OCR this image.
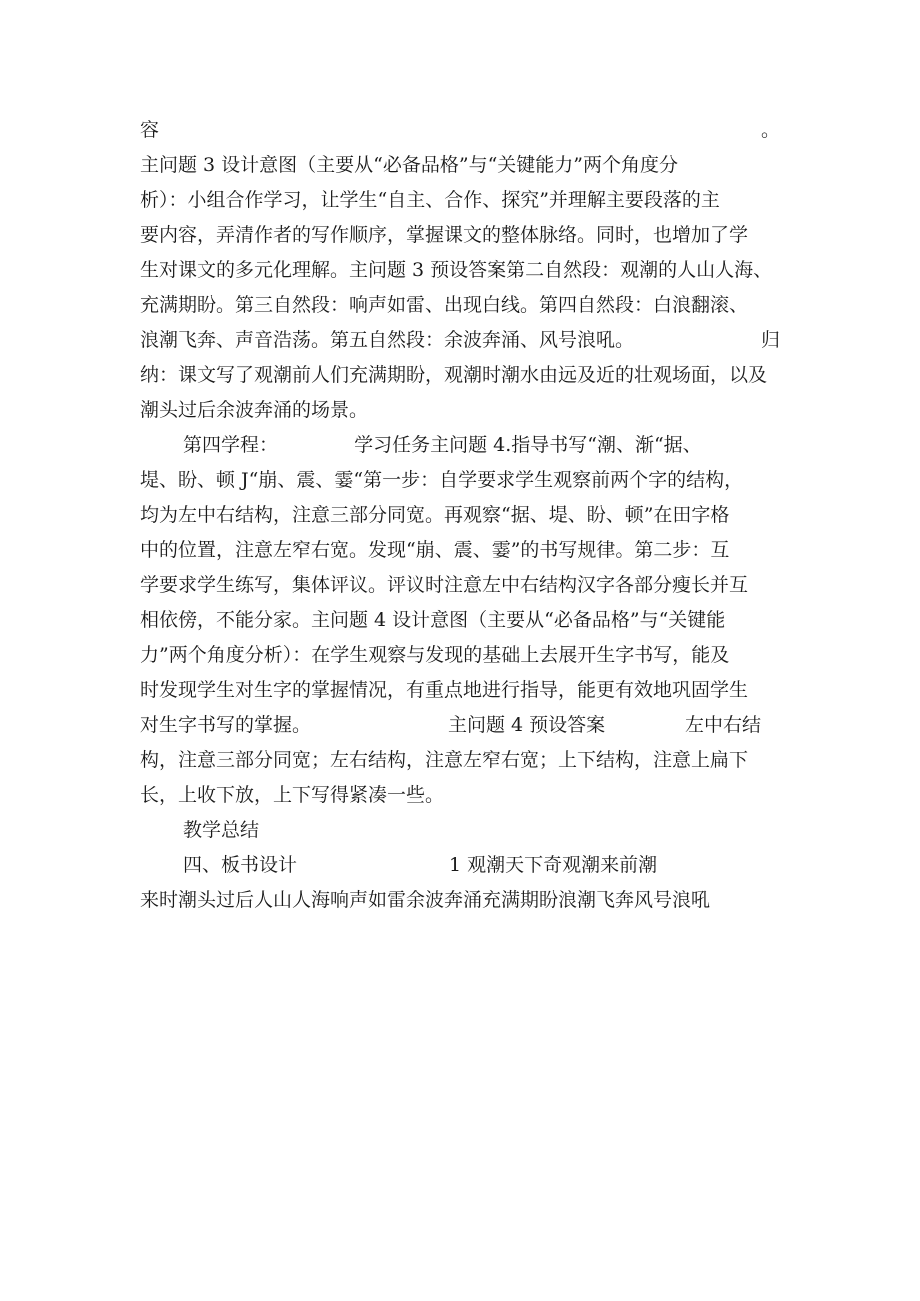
容	。
主问题 3 设计意图（主要从“必备品格”与“关键能力”两个角度分
析）：小组合作学习，让学生“自主、合作、探究”并理解主要段落的主
要内容，弄清作者的写作顺序，掌握课文的整体脉络。同时，也增加了学
生对课文的多元化理解。主问题 3 预设答案第二自然段：观潮的人山人海、
充满期盼。第三自然段：响声如雷、出现白线。第四自然段：白浪翻滚、
浪潮飞奔、声音浩荡。第五自然段：余波奔涌、风号浪吼。	归
纳：课文写了观潮前人们充满期盼，观潮时潮水由远及近的壮观场面，以及
潮头过后余波奔涌的场景。
第四学程：	学习任务主问题 4.指导书写“潮、渐“据、
堤、盼、顿 J“崩、震、霎“第一步：自学要求学生观察前两个字的结构，
均为左中右结构，注意三部分同宽。再观察“据、堤、盼、顿”在田字格
中的位置，注意左窄右宽。发现“崩、震、霎”的书写规律。第二步：互
学要求学生练写，集体评议。评议时注意左中右结构汉字各部分瘦长并互
相依傍，不能分家。主问题 4 设计意图（主要从“必备品格”与“关键能
力”两个角度分析）：在学生观察与发现的基础上去展开生字书写，能及
时发现学生对生字的掌握情况，有重点地进行指导，能更有效地巩固学生
对生字书写的掌握。	主问题 4 预设答案	左中右结
构，注意三部分同宽；左右结构，注意左窄右宽；上下结构，注意上扁下
长，上收下放，上下写得紧凑一些。
教学总结
四、板书设计	1 观潮天下奇观潮来前潮
来时潮头过后人山人海响声如雷余波奔涌充满期盼浪潮飞奔风号浪吼
